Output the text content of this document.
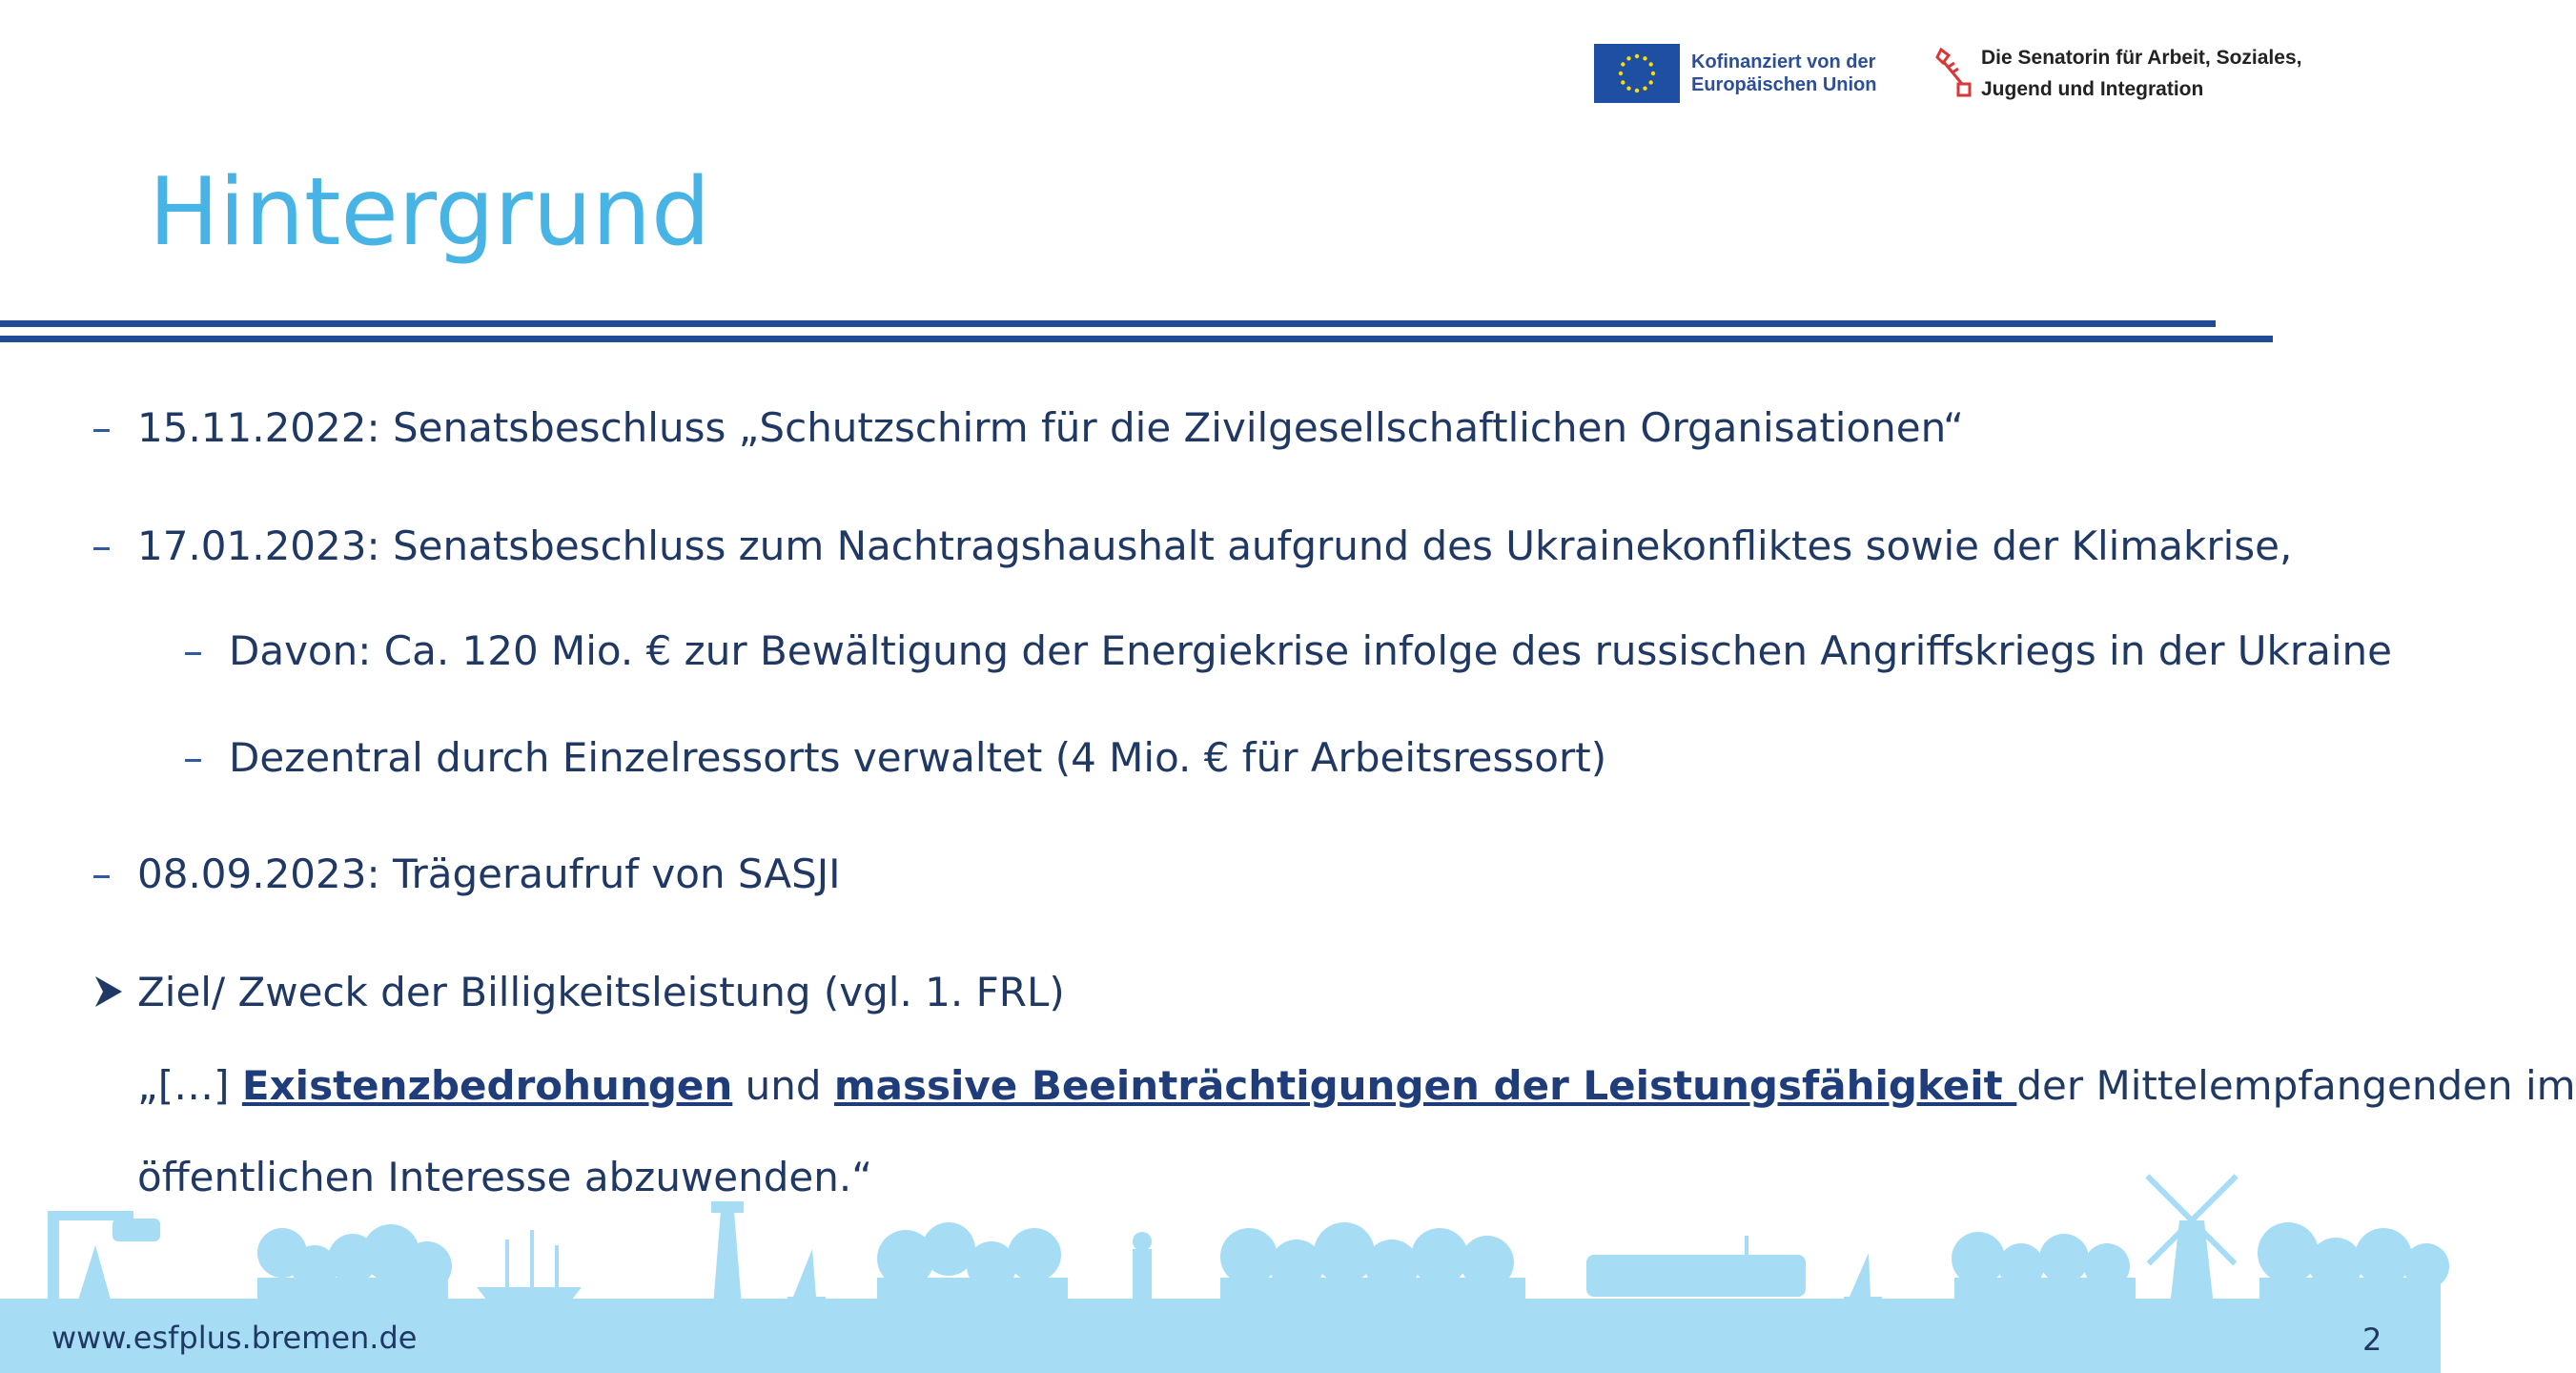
Kofinanziert von der
Europäischen Union
Die Senatorin für Arbeit, Soziales,
Jugend und Integration
Hintergrund
– 15.11.2022: Senatsbeschluss „Schutzschirm für die Zivilgesellschaftlichen Organisationen“
– 17.01.2023: Senatsbeschluss zum Nachtragshaushalt aufgrund des Ukrainekonfliktes sowie der Klimakrise,
– Davon: Ca. 120 Mio. € zur Bewältigung der Energiekrise infolge des russischen Angriffskriegs in der Ukraine
– Dezentral durch Einzelressorts verwaltet (4 Mio. € für Arbeitsressort)
– 08.09.2023: Trägeraufruf von SASJI
Ziel/ Zweck der Billigkeitsleistung (vgl. 1. FRL)
„[…] Existenzbedrohungen und massive Beeinträchtigungen der Leistungsfähigkeit der Mittelempfangenden im
öffentlichen Interesse abzuwenden.“
www.esfplus.bremen.de	2
